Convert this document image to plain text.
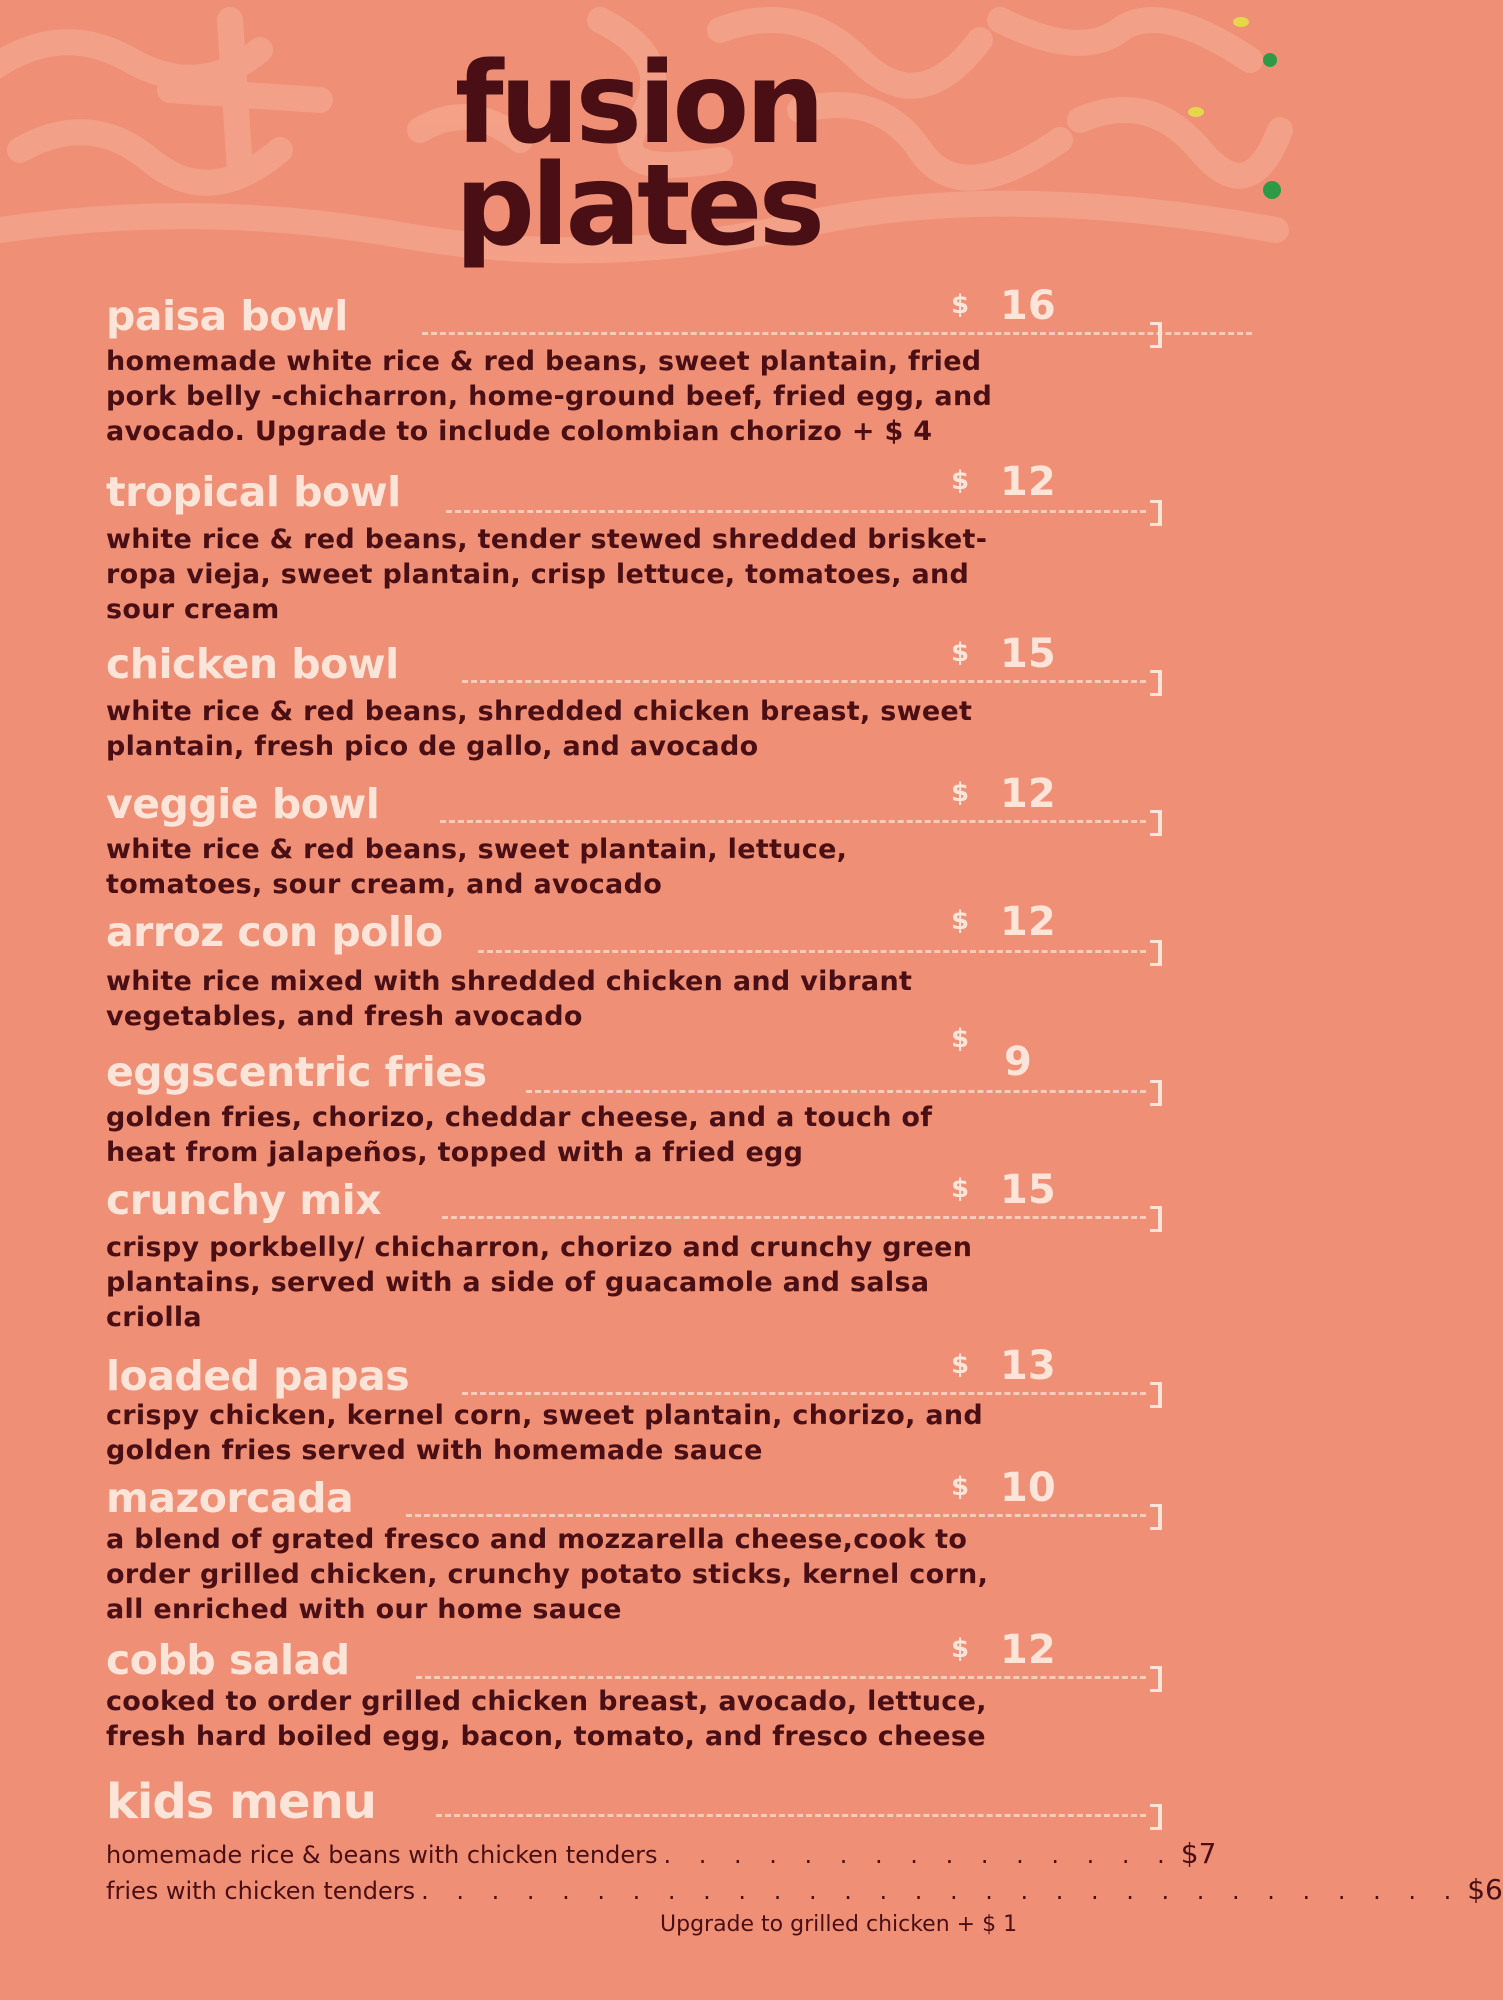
fusion
plates
paisa bowl	$ 16
homemade white rice & red beans, sweet plantain, fried
pork belly -chicharron, home-ground beef, fried egg, and
avocado. Upgrade to include colombian chorizo + $ 4
tropical bowl	$ 12
white rice & red beans, tender stewed shredded brisket-
ropa vieja, sweet plantain, crisp lettuce, tomatoes, and
sour cream
chicken bowl	$ 15
white rice & red beans, shredded chicken breast, sweet
plantain, fresh pico de gallo, and avocado
veggie bowl	$ 12
white rice & red beans, sweet plantain, lettuce,
tomatoes, sour cream, and avocado
arroz con pollo	$ 12
white rice mixed with shredded chicken and vibrant
vegetables, and fresh avocado
eggscentric fries
$ 9
golden fries, chorizo, cheddar cheese, and a touch of
heat from jalapeños, topped with a fried egg
crunchy mix	$ 15
crispy porkbelly/ chicharron, chorizo and crunchy green
plantains, served with a side of guacamole and salsa
criolla
loaded papas	$ 13
crispy chicken, kernel corn, sweet plantain, chorizo, and
golden fries served with homemade sauce
mazorcada	$ 10
a blend of grated fresco and mozzarella cheese,cook to
order grilled chicken, crunchy potato sticks, kernel corn,
all enriched with our home sauce
cobb salad	$ 12
cooked to order grilled chicken breast, avocado, lettuce,
fresh hard boiled egg, bacon, tomato, and fresco cheese
kids menu
homemade rice & beans with chicken tenders . . . . . . . . . . . . . . . $7
fries with chicken tenders . . . . . . . . . . . . . . . . . . . . . . . . . . . . . . $6
Upgrade to grilled chicken + $ 1
